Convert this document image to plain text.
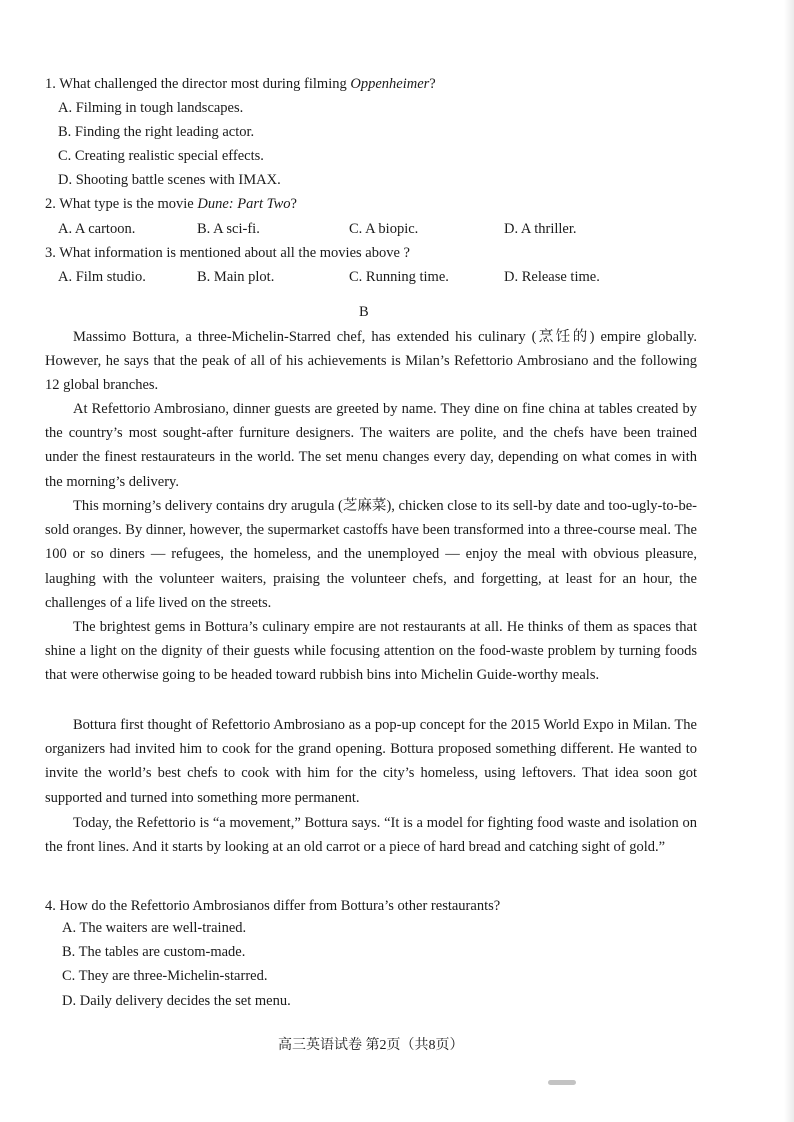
1. What challenged the director most during filming Oppenheimer?
A. Filming in tough landscapes.
B. Finding the right leading actor.
C. Creating realistic special effects.
D. Shooting battle scenes with IMAX.
2. What type is the movie Dune: Part Two?
A. A cartoon.	B. A sci-fi.	C. A biopic.	D. A thriller.
3. What information is mentioned about all the movies above ?
A. Film studio.	B. Main plot.	C. Running time.	D. Release time.
B
Massimo Bottura, a three-Michelin-Starred chef, has extended his culinary (烹饪的) empire globally. However, he says that the peak of all of his achievements is Milan’s Refettorio Ambrosiano and the following 12 global branches.
At Refettorio Ambrosiano, dinner guests are greeted by name. They dine on fine china at tables created by the country’s most sought-after furniture designers. The waiters are polite, and the chefs have been trained under the finest restaurateurs in the world. The set menu changes every day, depending on what comes in with the morning’s delivery.
This morning’s delivery contains dry arugula (芝麻菜), chicken close to its sell-by date and too-ugly-to-be-sold oranges. By dinner, however, the supermarket castoffs have been transformed into a three-course meal. The 100 or so diners — refugees, the homeless, and the unemployed — enjoy the meal with obvious pleasure, laughing with the volunteer waiters, praising the volunteer chefs, and forgetting, at least for an hour, the challenges of a life lived on the streets.
The brightest gems in Bottura’s culinary empire are not restaurants at all. He thinks of them as spaces that shine a light on the dignity of their guests while focusing attention on the food-waste problem by turning foods that were otherwise going to be headed toward rubbish bins into Michelin Guide-worthy meals.
Bottura first thought of Refettorio Ambrosiano as a pop-up concept for the 2015 World Expo in Milan. The organizers had invited him to cook for the grand opening. Bottura proposed something different. He wanted to invite the world’s best chefs to cook with him for the city’s homeless, using leftovers. That idea soon got supported and turned into something more permanent.
Today, the Refettorio is “a movement,” Bottura says. “It is a model for fighting food waste and isolation on the front lines. And it starts by looking at an old carrot or a piece of hard bread and catching sight of gold.”
4. How do the Refettorio Ambrosianos differ from Bottura’s other restaurants?
A. The waiters are well-trained.
B. The tables are custom-made.
C. They are three-Michelin-starred.
D. Daily delivery decides the set menu.
高三英语试卷 第2页（共8页）
